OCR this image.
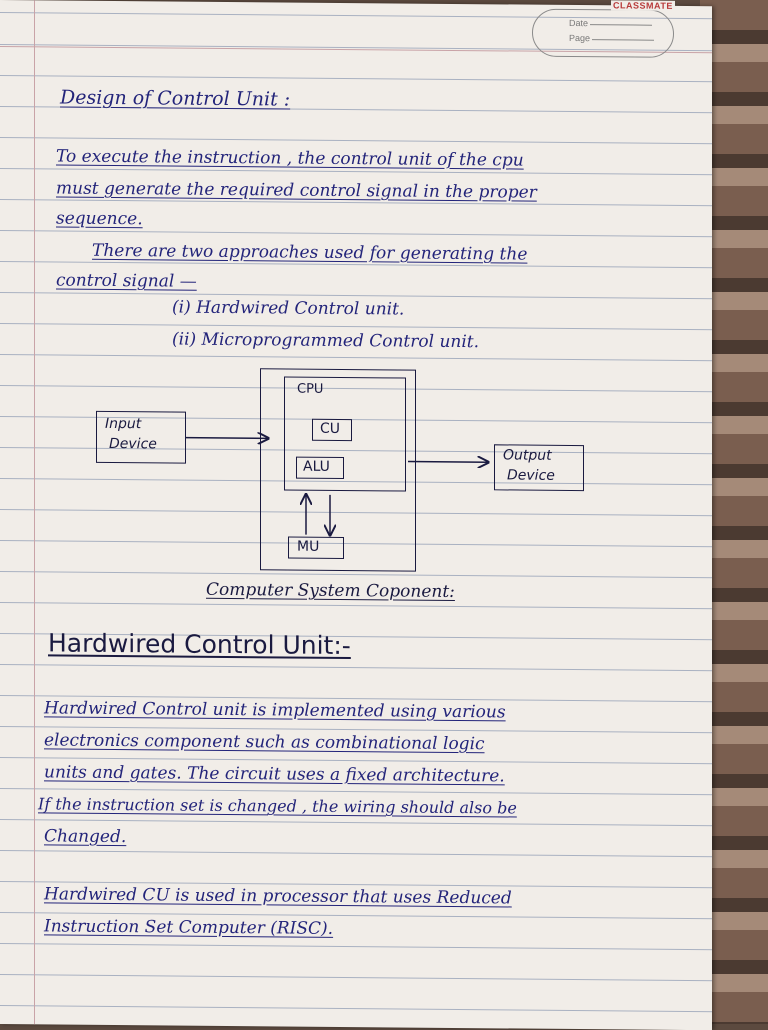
CLASSMATE
Date
Page
Design of Control Unit :
To execute the instruction , the control unit of the cpu
must generate the required control signal in the proper
sequence.
There are two approaches used for generating the
control signal —
(i) Hardwired Control unit.
(ii) Microprogrammed Control unit.
CPU
CU
ALU
MU
Input
Device
Output
Device
Computer System Coponent:
Hardwired Control Unit:-
Hardwired Control unit is implemented using various
electronics component such as combinational logic
units and gates. The circuit uses a fixed architecture.
If the instruction set is changed , the wiring should also be
Changed.
Hardwired CU is used in processor that uses Reduced
Instruction Set Computer (RISC).
